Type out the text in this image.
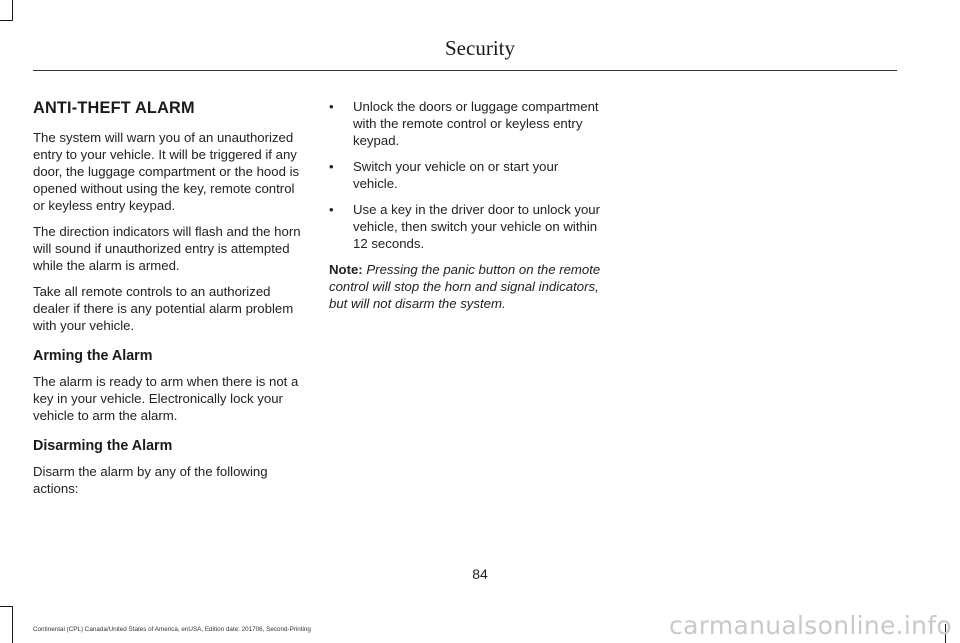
Security
ANTI-THEFT ALARM

The system will warn you of an unauthorized entry to your vehicle. It will be triggered if any door, the luggage compartment or the hood is opened without using the key, remote control or keyless entry keypad.

The direction indicators will flash and the horn will sound if unauthorized entry is attempted while the alarm is armed.

Take all remote controls to an authorized dealer if there is any potential alarm problem with your vehicle.

Arming the Alarm

The alarm is ready to arm when there is not a key in your vehicle. Electronically lock your vehicle to arm the alarm.

Disarming the Alarm

Disarm the alarm by any of the following actions:

• Unlock the doors or luggage compartment with the remote control or keyless entry keypad.
• Switch your vehicle on or start your vehicle.
• Use a key in the driver door to unlock your vehicle, then switch your vehicle on within 12 seconds.

Note: Pressing the panic button on the remote control will stop the horn and signal indicators, but will not disarm the system.

84
Continental (CPL) Canada/United States of America, enUSA, Edition date: 201706, Second-Printing	carmanualsonline.info
